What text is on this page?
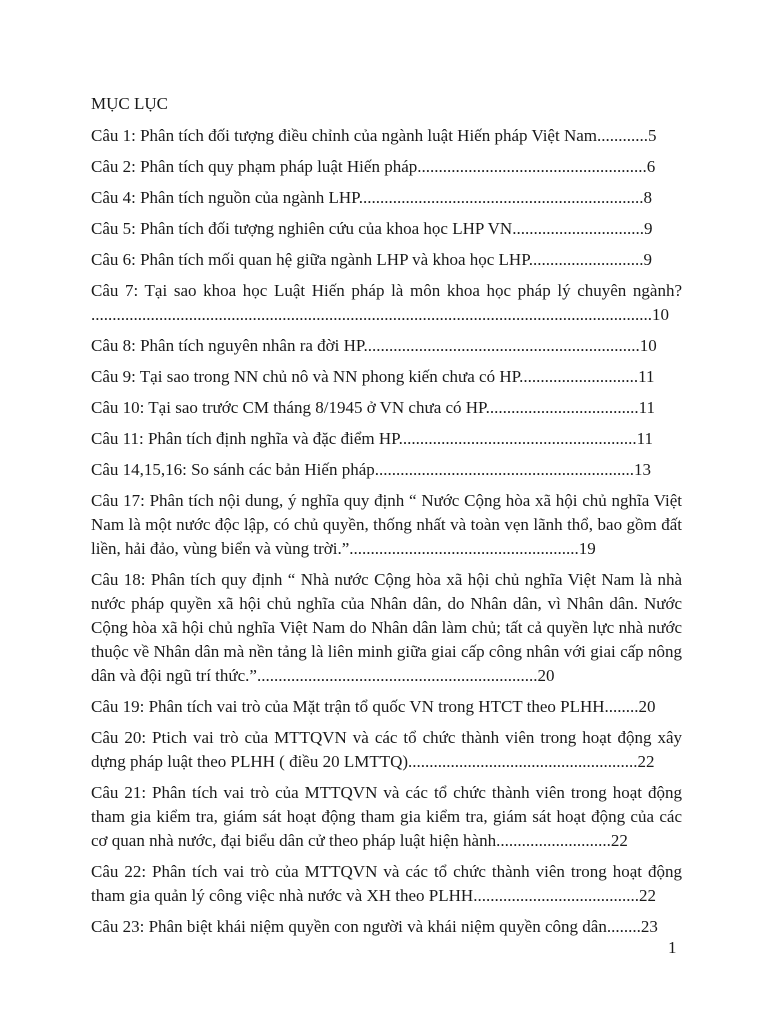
MỤC LỤC
Câu 1: Phân tích đối tượng điều chỉnh của ngành luật Hiến pháp Việt Nam............5
Câu 2: Phân tích quy phạm pháp luật Hiến pháp......................................................6
Câu 4: Phân tích nguồn của ngành LHP...................................................................8
Câu 5: Phân tích đối tượng nghiên cứu của khoa học LHP VN...............................9
Câu 6: Phân tích mối quan hệ giữa ngành LHP và khoa học LHP...........................9
Câu 7: Tại sao khoa học Luật Hiến pháp là môn khoa học pháp lý chuyên ngành? ....................................................................................................................................10
Câu 8: Phân tích nguyên nhân ra đời HP.................................................................10
Câu 9: Tại sao trong NN chủ nô và NN phong kiến chưa có HP............................11
Câu 10: Tại sao trước CM tháng 8/1945 ở VN chưa có HP....................................11
Câu 11: Phân tích định nghĩa và đặc điểm HP........................................................11
Câu 14,15,16: So sánh các bản Hiến pháp.............................................................13
Câu 17: Phân tích nội dung, ý nghĩa quy định “ Nước Cộng hòa xã hội chủ nghĩa Việt Nam là một nước độc lập, có chủ quyền, thống nhất và toàn vẹn lãnh thổ, bao gồm đất liền, hải đảo, vùng biển và vùng trời.”......................................................19
Câu 18: Phân tích quy định “ Nhà nước Cộng hòa xã hội chủ nghĩa Việt Nam là nhà nước pháp quyền xã hội chủ nghĩa của Nhân dân, do Nhân dân, vì Nhân dân. Nước Cộng hòa xã hội chủ nghĩa Việt Nam do Nhân dân làm chủ; tất cả quyền lực nhà nước thuộc về Nhân dân mà nền tảng là liên minh giữa giai cấp công nhân với giai cấp nông dân và đội ngũ trí thức.”..................................................................20
Câu 19: Phân tích vai trò của Mặt trận tổ quốc VN trong HTCT theo PLHH........20
Câu 20: Ptich vai trò của MTTQVN và các tổ chức thành viên trong hoạt động xây dựng pháp luật theo PLHH ( điều 20 LMTTQ)......................................................22
Câu 21: Phân tích vai trò của MTTQVN và các tổ chức thành viên trong hoạt động tham gia kiểm tra, giám sát hoạt động tham gia kiểm tra, giám sát hoạt động của các cơ quan nhà nước, đại biểu dân cử theo pháp luật hiện hành...........................22
Câu 22: Phân tích vai trò của MTTQVN và các tổ chức thành viên trong hoạt động tham gia quản lý công việc nhà nước và XH theo PLHH.......................................22
Câu 23: Phân biệt khái niệm quyền con người và khái niệm quyền công dân........23
1
